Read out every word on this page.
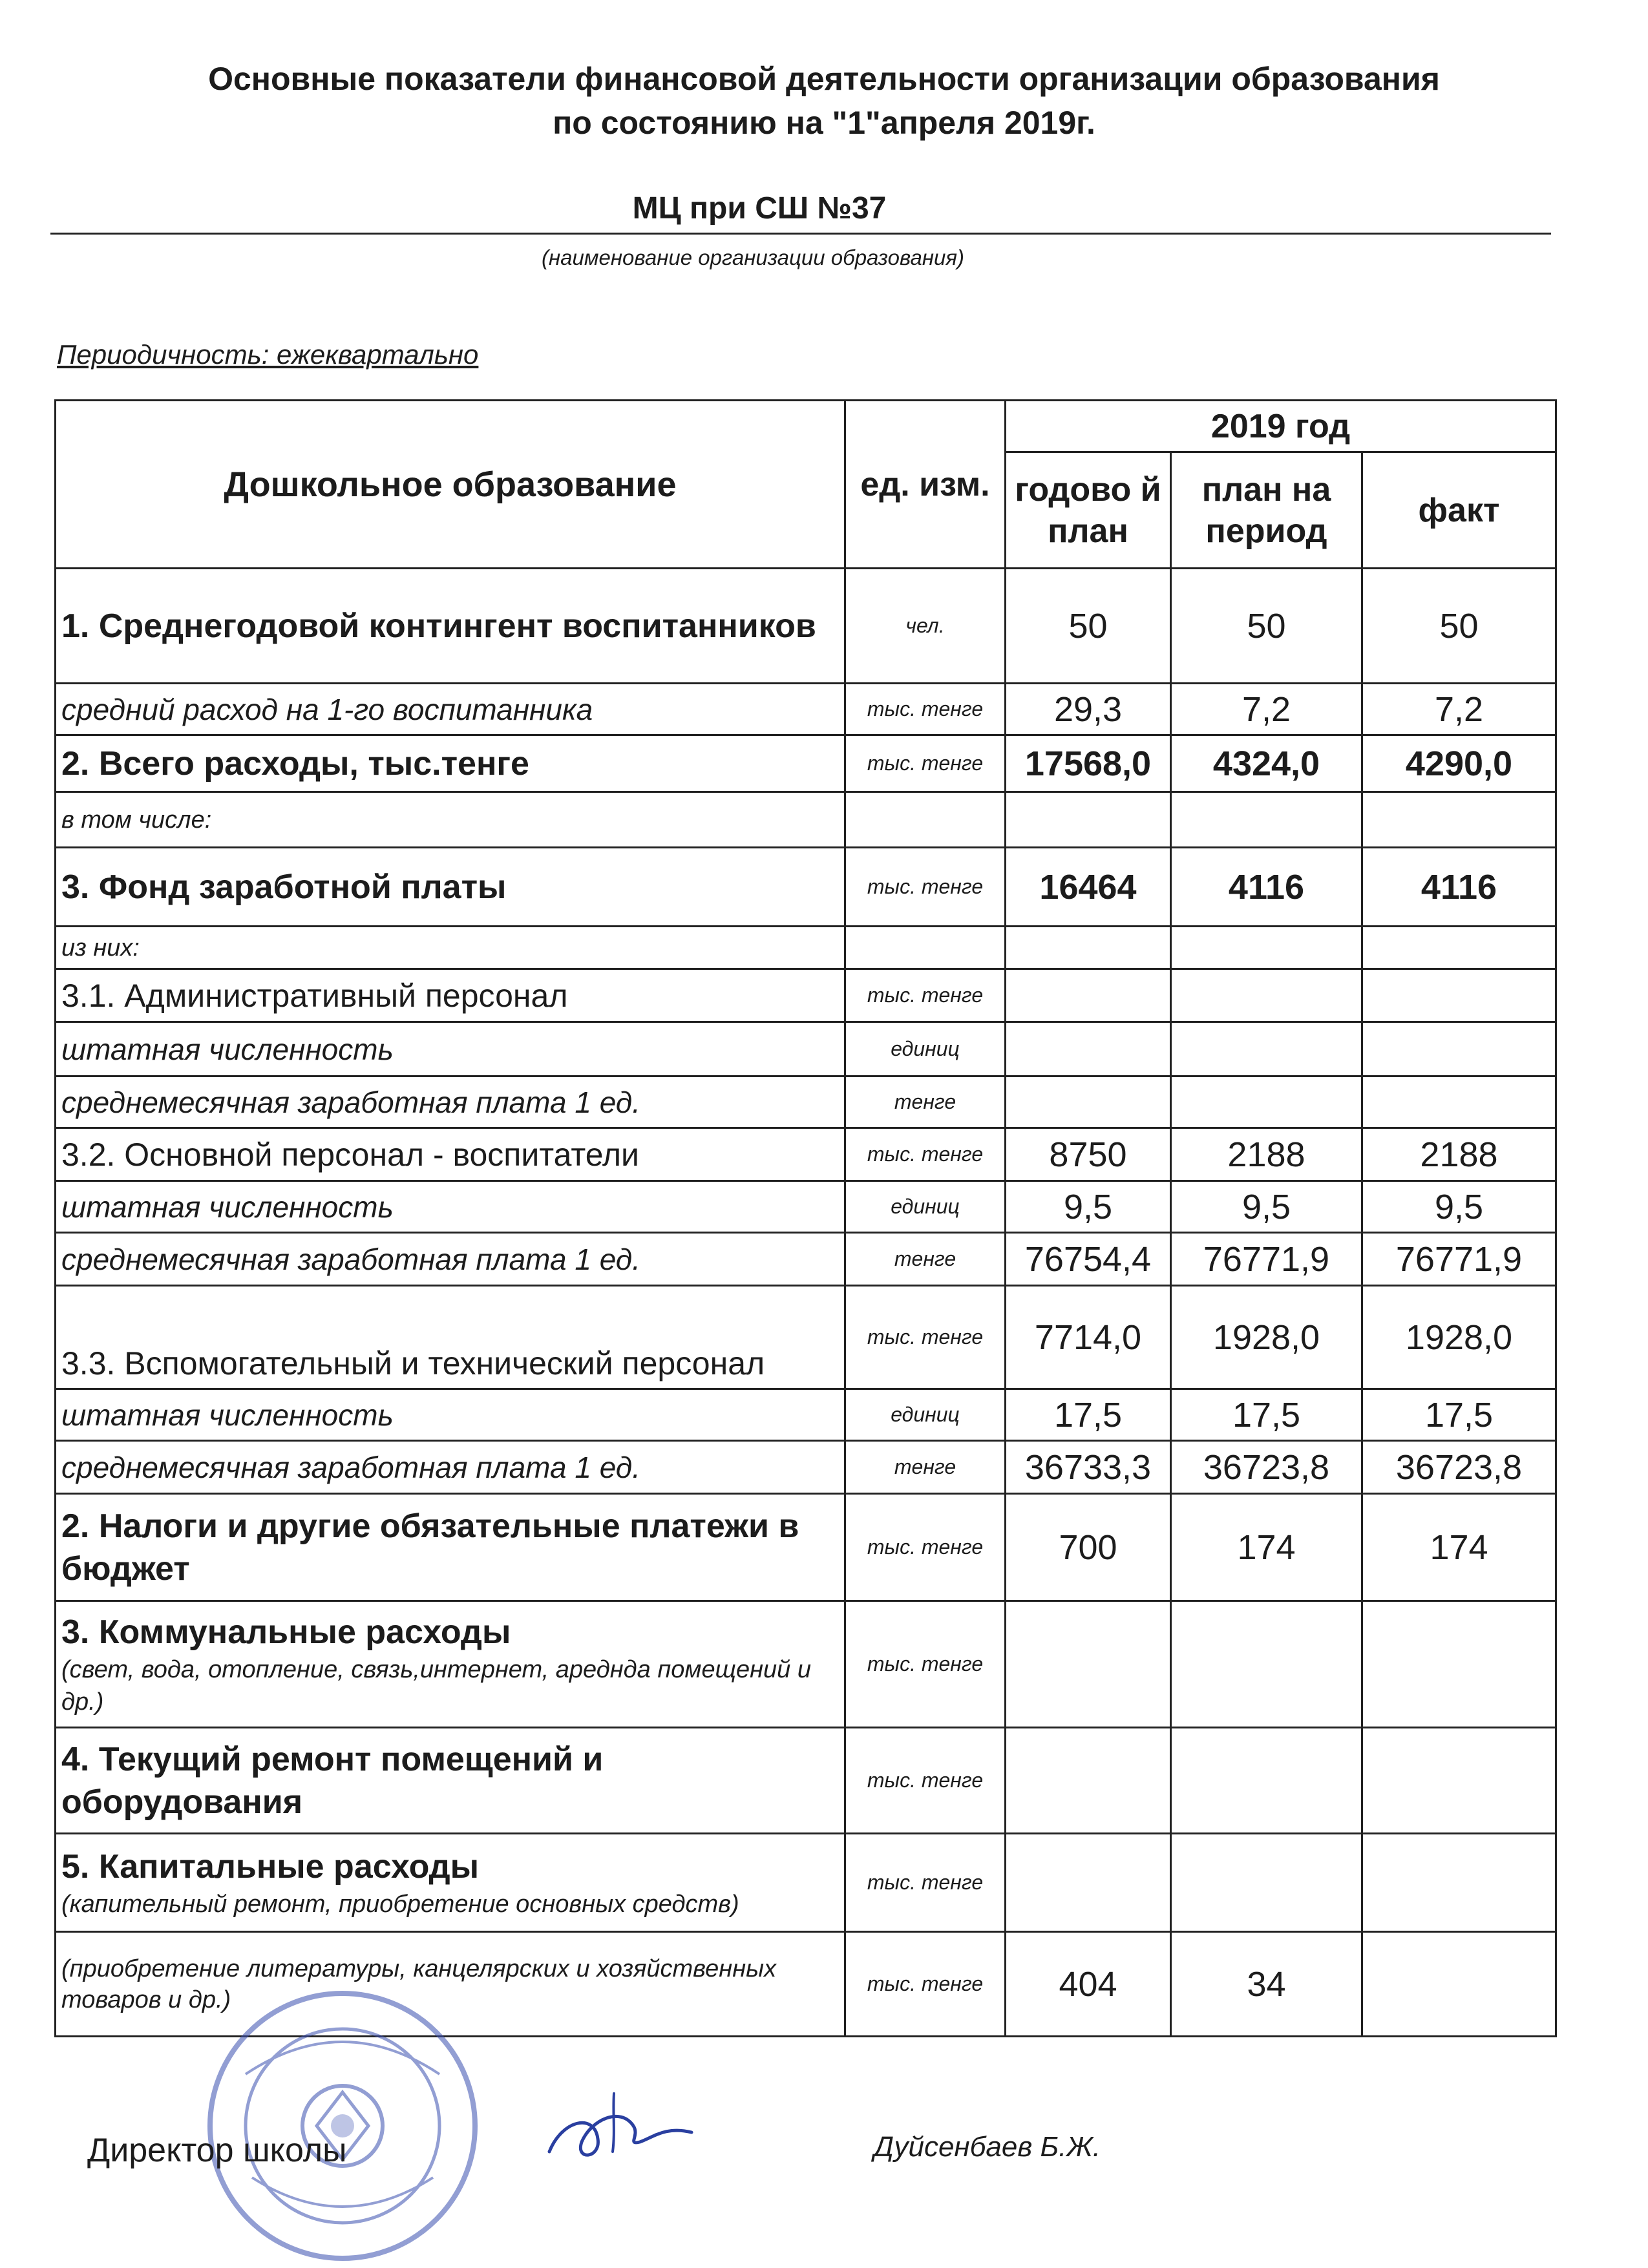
Основные показатели финансовой деятельности организации образования
по состоянию на "1"апреля 2019г.
МЦ при СШ №37
(наименование организации образования)
Периодичность: ежеквартально
Дошкольное образование	ед. изм.	2019 год		
		годово й план	план на период	факт
1. Среднегодовой контингент воспитанников	чел.	50	50	50
средний расход на 1-го воспитанника	тыс. тенге	29,3	7,2	7,2
2. Всего расходы, тыс.тенге	тыс. тенге	17568,0	4324,0	4290,0
в том числе:				
3. Фонд заработной платы	тыс. тенге	16464	4116	4116
из них:				
3.1. Административный персонал	тыс. тенге			
штатная численность	единиц			
среднемесячная заработная плата 1 ед.	тенге			
3.2. Основной персонал - воспитатели	тыс. тенге	8750	2188	2188
штатная численность	единиц	9,5	9,5	9,5
среднемесячная заработная плата 1 ед.	тенге	76754,4	76771,9	76771,9
3.3. Вспомогательный и технический персонал	тыс. тенге	7714,0	1928,0	1928,0
штатная численность	единиц	17,5	17,5	17,5
среднемесячная заработная плата 1 ед.	тенге	36733,3	36723,8	36723,8
2. Налоги и другие обязательные платежи в бюджет	тыс. тенге	700	174	174
3. Коммунальные расходы
(свет, вода, отопление, связь,интернет, ареднда помещений и др.)	тыс. тенге			
4. Текущий ремонт помещений и оборудования	тыс. тенге			
5. Капитальные расходы
(капительный ремонт, приобретение основных средств)	тыс. тенге			
(приобретение литературы, канцелярских и хозяйственных товаров и др.)	тыс. тенге	404	34	
Директор школы	Дуйсенбаев Б.Ж.
